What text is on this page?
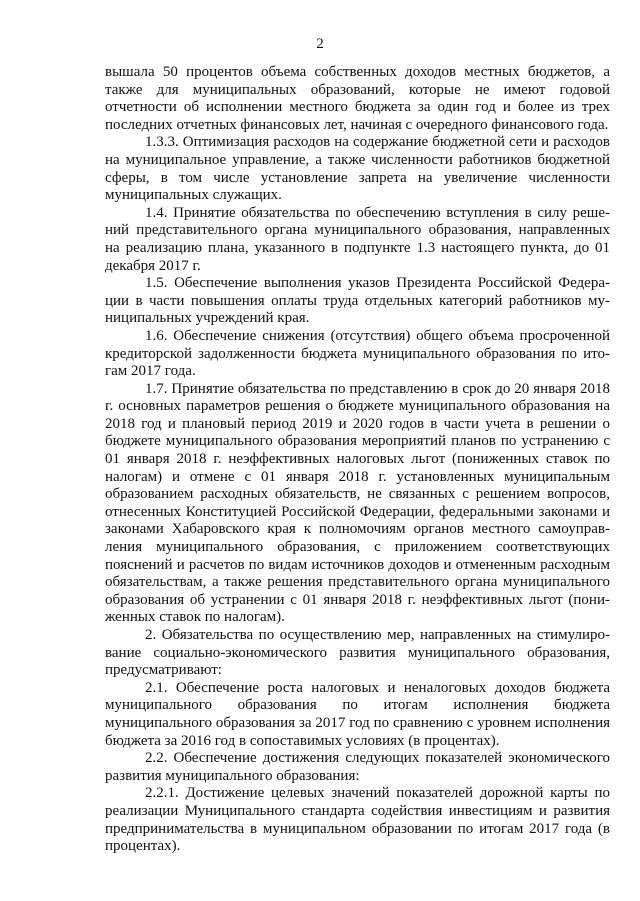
2

вышала 50 процентов объема собственных доходов местных бюджетов, а также для муниципальных образований, которые не имеют годовой отчетности об исполнении местного бюджета за один год и более из трех последних отчетных финансовых лет, начиная с очередного финансового года.

1.3.3. Оптимизация расходов на содержание бюджетной сети и расходов на муниципальное управление, а также численности работников бюджетной сферы, в том числе установление запрета на увеличение численности муниципальных служащих.

1.4. Принятие обязательства по обеспечению вступления в силу решений представительного органа муниципального образования, направленных на реализацию плана, указанного в подпункте 1.3 настоящего пункта, до 01 декабря 2017 г.

1.5. Обеспечение выполнения указов Президента Российской Федерации в части повышения оплаты труда отдельных категорий работников муниципальных учреждений края.

1.6. Обеспечение снижения (отсутствия) общего объема просроченной кредиторской задолженности бюджета муниципального образования по итогам 2017 года.

1.7. Принятие обязательства по представлению в срок до 20 января 2018 г. основных параметров решения о бюджете муниципального образования на 2018 год и плановый период 2019 и 2020 годов в части учета в решении о бюджете муниципального образования мероприятий планов по устранению с 01 января 2018 г. неэффективных налоговых льгот (пониженных ставок по налогам) и отмене с 01 января 2018 г. установленных муниципальным образованием расходных обязательств, не связанных с решением вопросов, отнесенных Конституцией Российской Федерации, федеральными законами и законами Хабаровского края к полномочиям органов местного самоуправления муниципального образования, с приложением соответствующих пояснений и расчетов по видам источников доходов и отмененным расходным обязательствам, а также решения представительного органа муниципального образования об устранении с 01 января 2018 г. неэффективных льгот (пониженных ставок по налогам).

2. Обязательства по осуществлению мер, направленных на стимулирование социально-экономического развития муниципального образования, предусматривают:

2.1. Обеспечение роста налоговых и неналоговых доходов бюджета муниципального образования по итогам исполнения бюджета муниципального образования за 2017 год по сравнению с уровнем исполнения бюджета за 2016 год в сопоставимых условиях (в процентах).

2.2. Обеспечение достижения следующих показателей экономического развития муниципального образования:

2.2.1. Достижение целевых значений показателей дорожной карты по реализации Муниципального стандарта содействия инвестициям и развития предпринимательства в муниципальном образовании по итогам 2017 года (в процентах).
